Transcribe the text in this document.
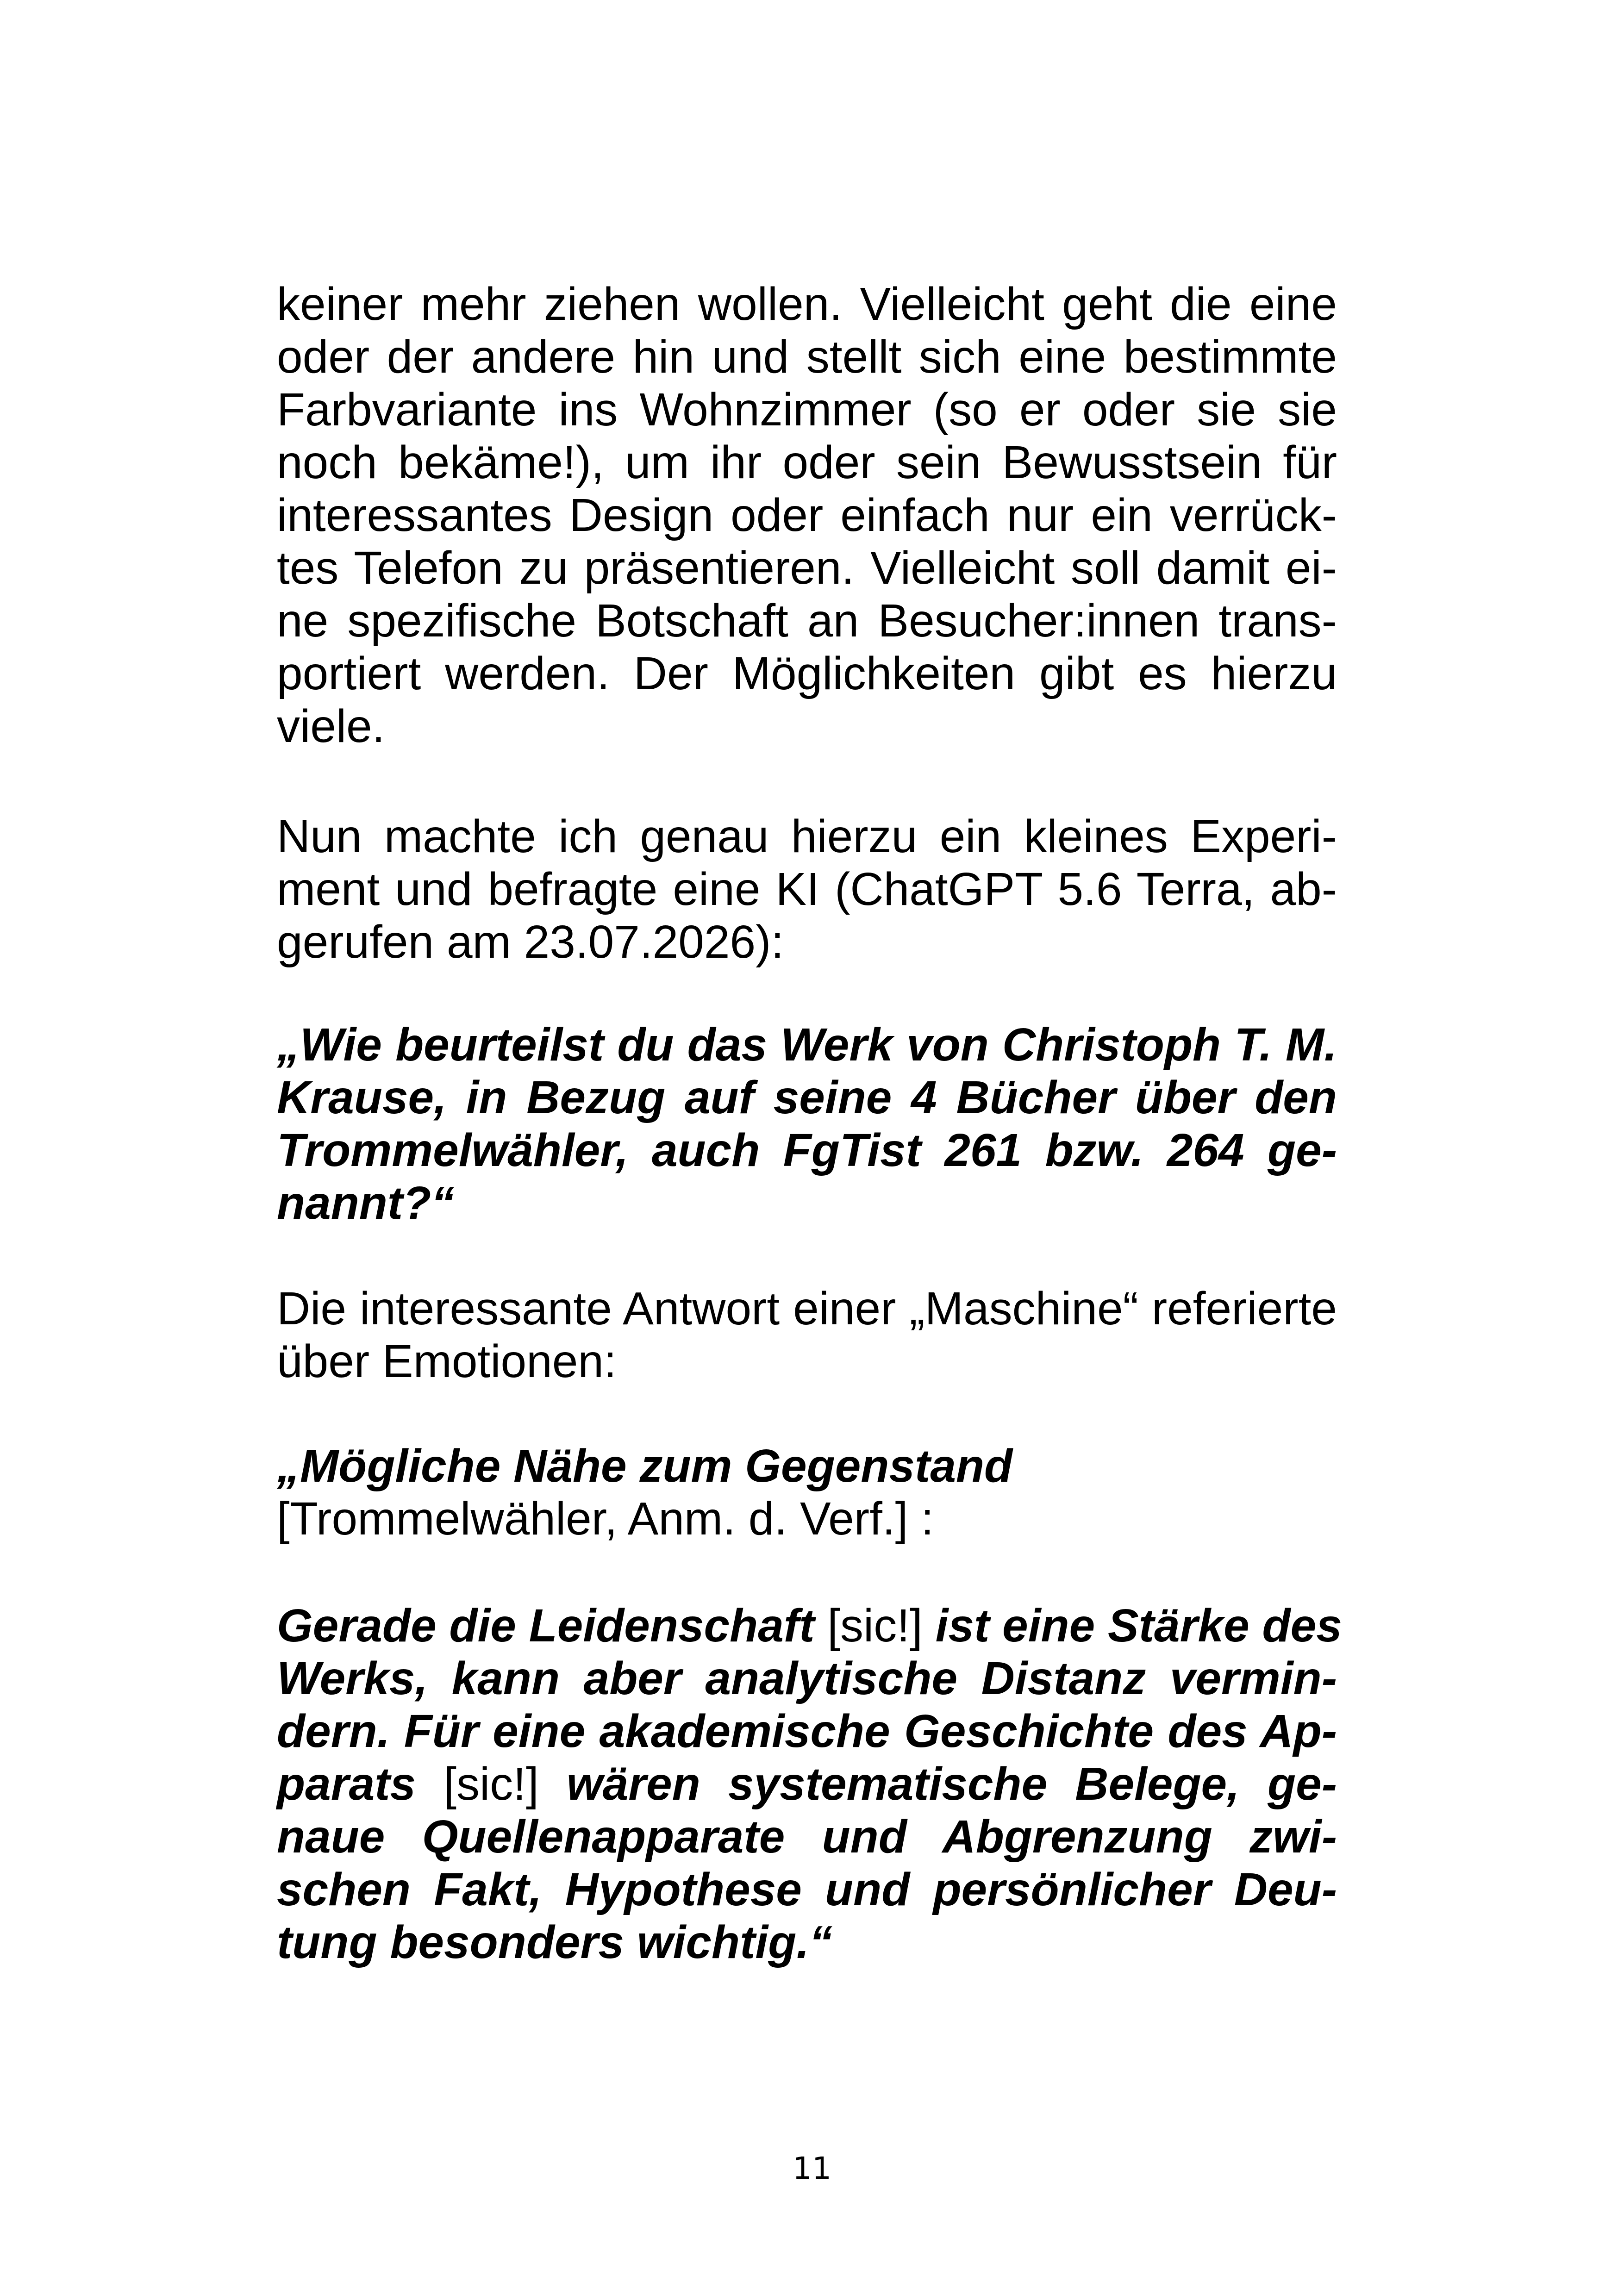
keiner mehr ziehen wollen. Vielleicht geht die eine
oder der andere hin und stellt sich eine bestimmte
Farbvariante ins Wohnzimmer (so er oder sie sie
noch bekäme!), um ihr oder sein Bewusstsein für
interessantes Design oder einfach nur ein verrück-
tes Telefon zu präsentieren. Vielleicht soll damit ei-
ne spezifische Botschaft an Besucher:innen trans-
portiert werden. Der Möglichkeiten gibt es hierzu
viele.
Nun machte ich genau hierzu ein kleines Experi-
ment und befragte eine KI (ChatGPT 5.6 Terra, ab-
gerufen am 23.07.2026):
„Wie beurteilst du das Werk von Christoph T. M.
Krause, in Bezug auf seine 4 Bücher über den
Trommelwähler, auch FgTist 261 bzw. 264 ge-
nannt?“
Die interessante Antwort einer „Maschine“ referierte
über Emotionen:
„Mögliche Nähe zum Gegenstand
[Trommelwähler, Anm. d. Verf.] :
Gerade die Leidenschaft [sic!] ist eine Stärke des
Werks, kann aber analytische Distanz vermin-
dern. Für eine akademische Geschichte des Ap-
parats [sic!] wären systematische Belege, ge-
naue Quellenapparate und Abgrenzung zwi-
schen Fakt, Hypothese und persönlicher Deu-
tung besonders wichtig.“
11
